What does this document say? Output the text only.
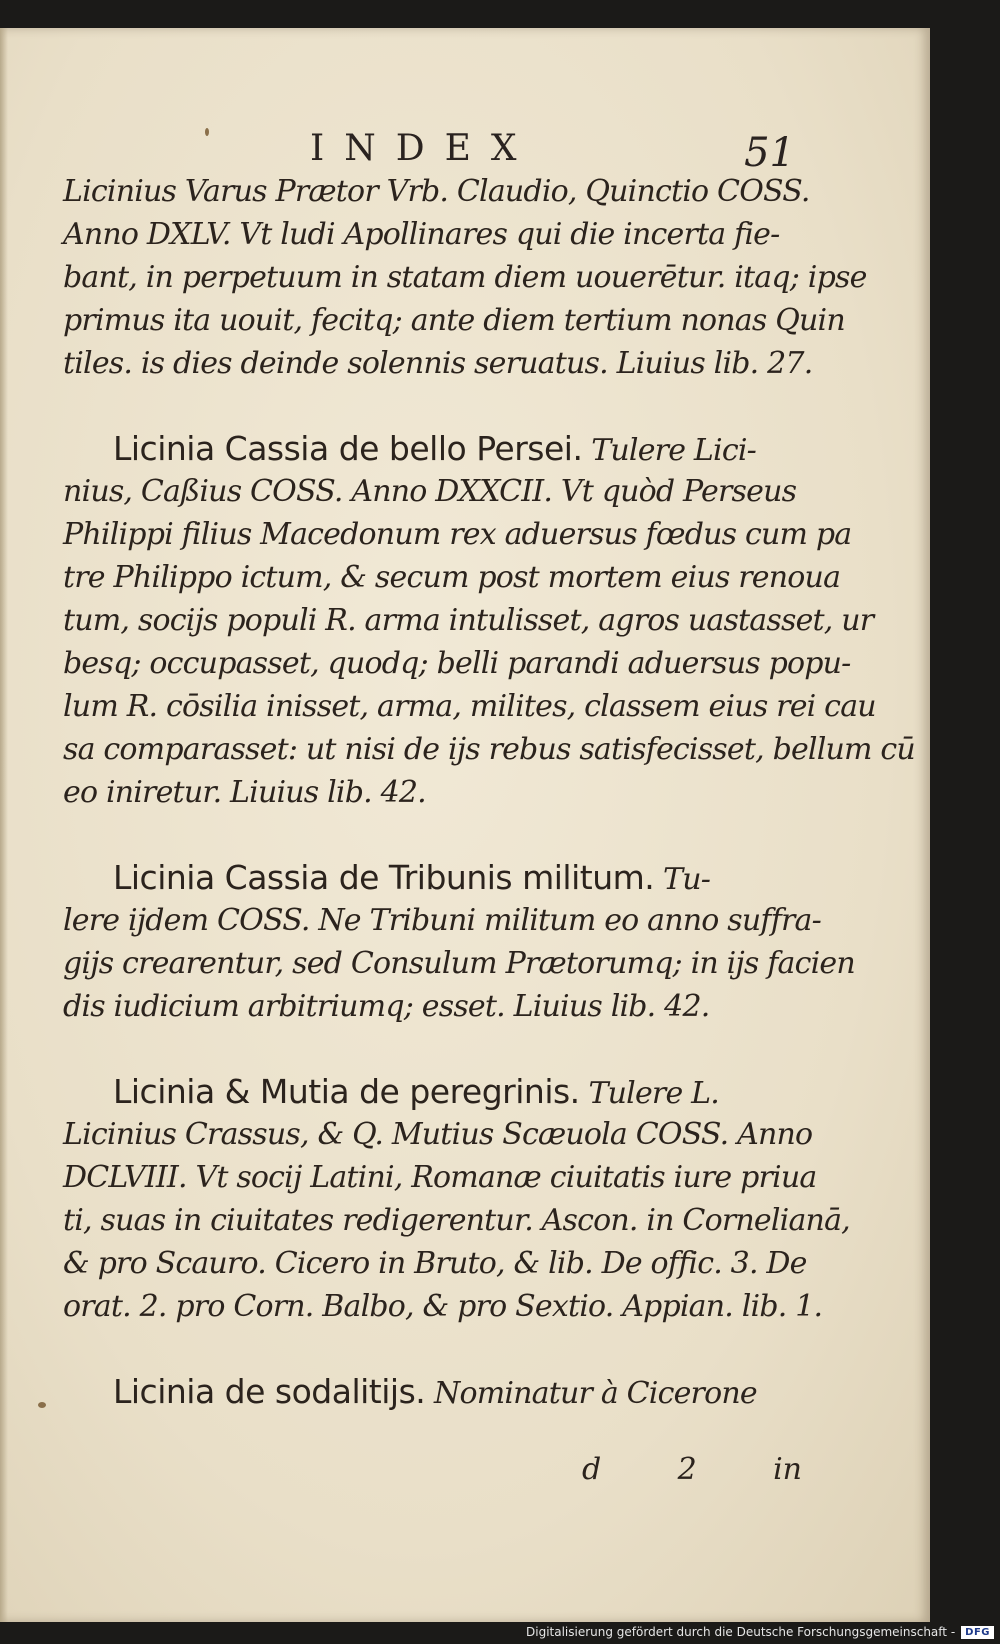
INDEX	51
Licinius Varus Prætor Vrb. Claudio, Quinctio COSS.
Anno DXLV. Vt ludi Apollinares qui die incerta fie-
bant, in perpetuum in statam diem uouerētur. itaq; ipse
primus ita uouit, fecitq; ante diem tertium nonas Quin
tiles. is dies deinde solennis seruatus. Liuius lib. 27.
Licinia Cassia de bello Persei. Tulere Lici-
nius, Caßius COSS. Anno DXXCII. Vt quòd Perseus
Philippi filius Macedonum rex aduersus fœdus cum pa
tre Philippo ictum, & secum post mortem eius renoua
tum, socijs populi R. arma intulisset, agros uastasset, ur
besq; occupasset, quodq; belli parandi aduersus popu-
lum R. cōsilia inisset, arma, milites, classem eius rei cau
sa comparasset: ut nisi de ijs rebus satisfecisset, bellum cū
eo iniretur. Liuius lib. 42.
Licinia Cassia de Tribunis militum. Tu-
lere ijdem COSS. Ne Tribuni militum eo anno suffra-
gijs crearentur, sed Consulum Prætorumq; in ijs facien
dis iudicium arbitriumq; esset. Liuius lib. 42.
Licinia & Mutia de peregrinis. Tulere L.
Licinius Crassus, & Q. Mutius Scæuola COSS. Anno
DCLVIII. Vt socij Latini, Romanæ ciuitatis iure priua
ti, suas in ciuitates redigerentur. Ascon. in Cornelianā,
& pro Scauro. Cicero in Bruto, & lib. De offic. 3. De
orat. 2. pro Corn. Balbo, & pro Sextio. Appian. lib. 1.
Licinia de sodalitijs. Nominatur à Cicerone
d	2	in
Digitalisierung gefördert durch die Deutsche Forschungsgemeinschaft -	DFG
